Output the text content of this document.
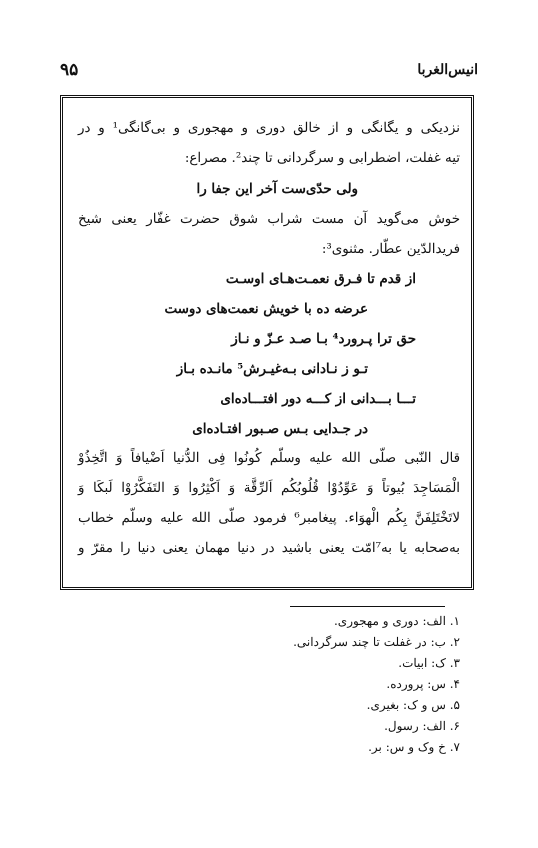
۹۵	انیس‌الغربا
نزدیکی و یگانگی و از خالق دوری و مهجوری و بی‌گانگی¹ و در
تیه غفلت، اضطرابی و سرگردانی تا چند². مصراع:
ولی حدّی‌ست آخر این جفا را
خوش می‌گوید آن مست شراب شوق حضرت غفّار یعنی شیخ
فریدالدّین عطّار. مثنوی³:
از قدم تا فـرق نعمـت‌هـای اوسـت
عرضه ده با خویش نعمت‌های دوست
حق ترا پـرورد⁴ بـا صـد عـزّ و نـاز
تـو ز نـادانی بـه‌غیـرش⁵ مانـده بـاز
تـــا بـــدانی از کـــه دور افتـــاده‌ای
در جـدایی بـس صـبور افتـاده‌ای
قال النّبی صلّی الله علیه وسلّم کُونُوا فِی الدُّنیا اَضْیافاً وَ اتَّخِذُوْ
الْمَسَاجِدَ بُیوتاً وَ عَوِّدُوْا قُلُوبُکُم اَلرِّقَّة وَ اَکْثِرُوا وَ التَفَکَّرُوْا لَبکَا وَ
لاتَخْتَلِفَنَّ بِکُم الْهوَاء. پیغامبر⁶ فرمود صلّی الله علیه وسلّم خطاب
به‌صحابه یا به⁷امّت یعنی باشید در دنیا مهمان یعنی دنیا را مقرّ و
۱. الف: دوری و مهجوری.
۲. ب: در غفلت تا چند سرگردانی.
۳. ک: ابیات.
۴. س: پرورده.
۵. س و ک: بغیری.
۶. الف: رسول.
۷. خ وک و س: بر.
